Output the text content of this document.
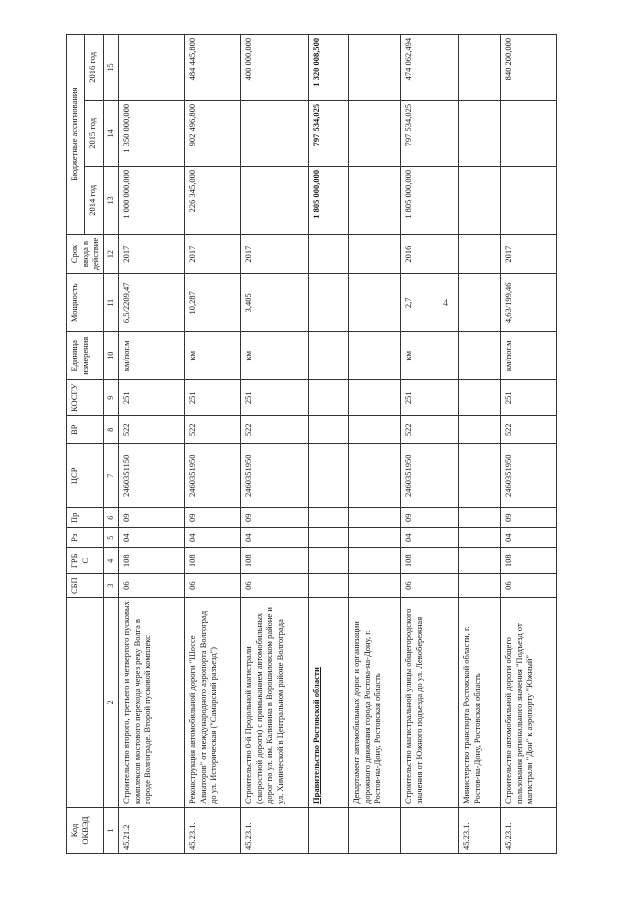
Код ОКВЭД		СБП	ГРБ С	Рз	Пр	ЦСР	ВР	КОСГУ	Единица измерения	Мощность	Срок ввода в действие	Бюджетные ассигнования		
												2014 год	2015 год	2016 год
1	2	3	4	5	6	7	8	9	10	11	12	13	14	15
45.21.2	Строительство второго, третьего и четвертого пусковых комплексов мостового перехода через реку Волга в городе Волгограде. Второй пусковой комплекс	06	108	04	09	2460351150	522	251	км/пог.м	6,5/2209,47	2017	1 000 000,000	1 350 000,000	
45.23.1.	Реконструкция автомобильной дороги "Шоссе Авиаторов" от международного аэропорта Волгоград до ул. Историческая ("Самарский разъезд")	06	108	04	09	2460351950	522	251	км	10,287	2017	226 345,000	902 496,800	484 445,800
45.23.1.	Строительство 0-й Продольной магистрали (скоростной дороги) с примыканием автомобильных дорог по ул. им. Калинина в Ворошиловском районе и ул. Химической в Центральном районе Волгограда	06	108	04	09	2460351950	522	251	км	3,405	2017			400 000,000
	Правительство Ростовской области											1 805 000,000	797 534,025	1 320 008,500
	Департамент автомобильных дорог и организации дорожного движения города Ростова-на-Дону, г. Ростов-на-Дону, Ростовская область													
	Строительство магистральной улицы общегородского значения от Южного подъезда до ул. Левобережная	06	108	04	09	2460351950	522	251	км	2,7	2016	1 805 000,000	797 534,025	474 062,494
45.23.1.	Министерство транспорта Ростовской области, г. Ростов-на-Дону, Ростовская область													
45.23.1.	Строительство автомобильной дороги общего пользования регионального значения "Подъезд от магистрали "Дон" к аэропорту "Южный"	06	108	04	09	2460351950	522	251	км/пог.м	4,63/199,46	2017			840 200,000
4
